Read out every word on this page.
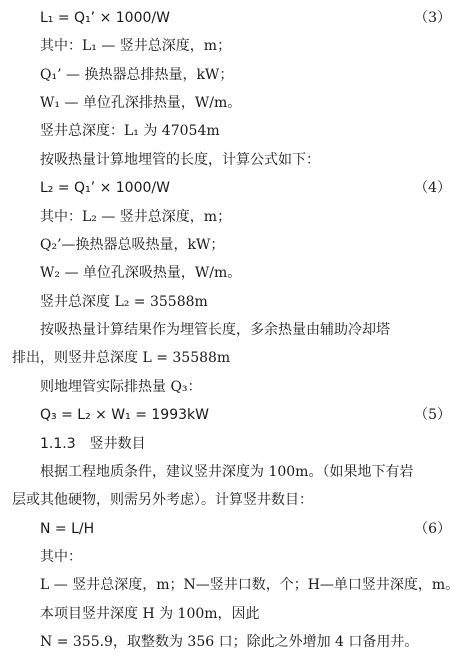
L₁ = Q₁’ × 1000/W	（3）
其中：L₁ — 竖井总深度，m；
Q₁’ — 换热器总排热量，kW；
W₁ — 单位孔深排热量，W/m。
竖井总深度：L₁ 为 47054m
按吸热量计算地埋管的长度，计算公式如下：
L₂ = Q₁’ × 1000/W	（4）
其中：L₂ — 竖井总深度，m；
Q₂’—换热器总吸热量，kW；
W₂ — 单位孔深吸热量，W/m。
竖井总深度 L₂ = 35588m
按吸热量计算结果作为埋管长度，多余热量由辅助冷却塔
排出，则竖井总深度 L = 35588m
则地埋管实际排热量 Q₃：
Q₃ = L₂ × W₁ = 1993kW	（5）
1.1.3　竖井数目
根据工程地质条件，建议竖井深度为 100m。（如果地下有岩
层或其他硬物，则需另外考虑）。计算竖井数目：
N = L/H	（6）
其中：
L — 竖井总深度，m；N—竖井口数，个；H—单口竖井深度，m。
本项目竖井深度 H 为 100m，因此
N = 355.9，取整数为 356 口；除此之外增加 4 口备用井。
